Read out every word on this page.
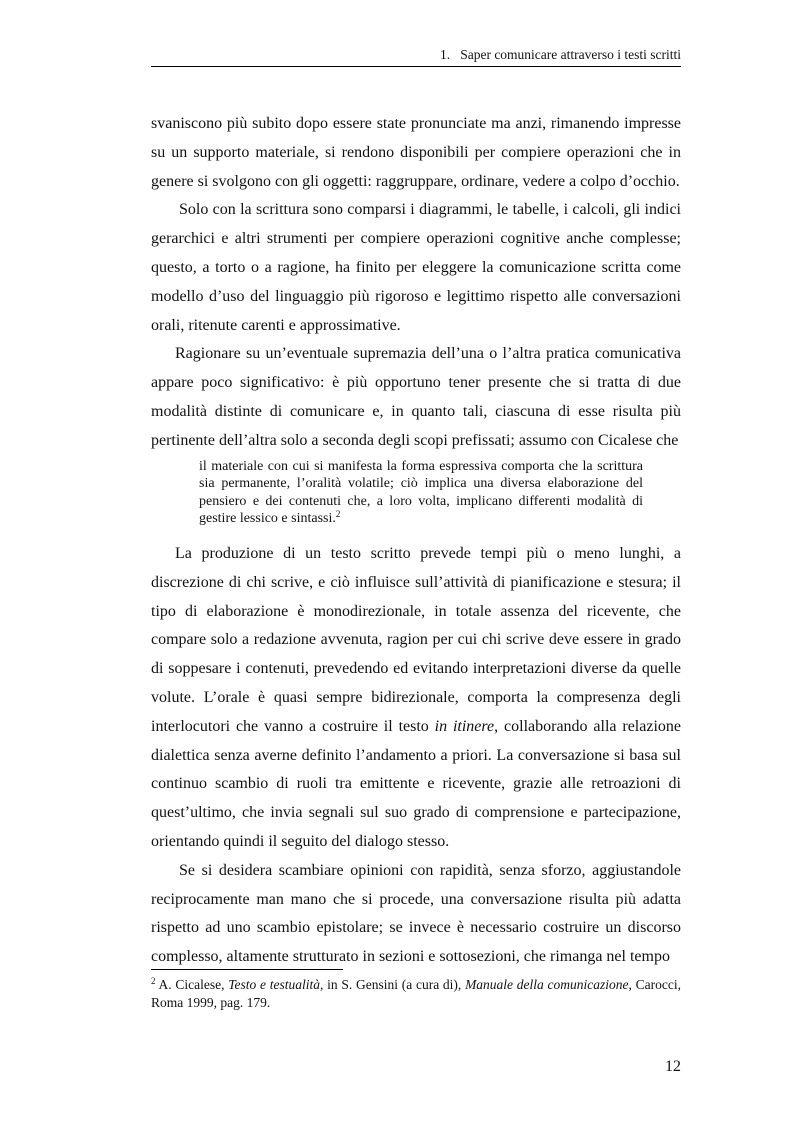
1. Saper comunicare attraverso i testi scritti

svaniscono più subito dopo essere state pronunciate ma anzi, rimanendo impresse su un supporto materiale, si rendono disponibili per compiere operazioni che in genere si svolgono con gli oggetti: raggruppare, ordinare, vedere a colpo d’occhio.

Solo con la scrittura sono comparsi i diagrammi, le tabelle, i calcoli, gli indici gerarchici e altri strumenti per compiere operazioni cognitive anche complesse; questo, a torto o a ragione, ha finito per eleggere la comunicazione scritta come modello d’uso del linguaggio più rigoroso e legittimo rispetto alle conversazioni orali, ritenute carenti e approssimative.

Ragionare su un’eventuale supremazia dell’una o l’altra pratica comunicativa appare poco significativo: è più opportuno tener presente che si tratta di due modalità distinte di comunicare e, in quanto tali, ciascuna di esse risulta più pertinente dell’altra solo a seconda degli scopi prefissati; assumo con Cicalese che

il materiale con cui si manifesta la forma espressiva comporta che la scrittura sia permanente, l’oralità volatile; ciò implica una diversa elaborazione del pensiero e dei contenuti che, a loro volta, implicano differenti modalità di gestire lessico e sintassi.$^2$

La produzione di un testo scritto prevede tempi più o meno lunghi, a discrezione di chi scrive, e ciò influisce sull’attività di pianificazione e stesura; il tipo di elaborazione è monodirezionale, in totale assenza del ricevente, che compare solo a redazione avvenuta, ragion per cui chi scrive deve essere in grado di soppesare i contenuti, prevedendo ed evitando interpretazioni diverse da quelle volute. L’orale è quasi sempre bidirezionale, comporta la compresenza degli interlocutori che vanno a costruire il testo in itinere, collaborando alla relazione dialettica senza averne definito l’andamento a priori. La conversazione si basa sul continuo scambio di ruoli tra emittente e ricevente, grazie alle retroazioni di quest’ultimo, che invia segnali sul suo grado di comprensione e partecipazione, orientando quindi il seguito del dialogo stesso.

Se si desidera scambiare opinioni con rapidità, senza sforzo, aggiustandole reciprocamente man mano che si procede, una conversazione risulta più adatta rispetto ad uno scambio epistolare; se invece è necessario costruire un discorso complesso, altamente strutturato in sezioni e sottosezioni, che rimanga nel tempo

$^2$ A. Cicalese, Testo e testualità, in S. Gensini (a cura di), Manuale della comunicazione, Carocci, Roma 1999, pag. 179.
12
